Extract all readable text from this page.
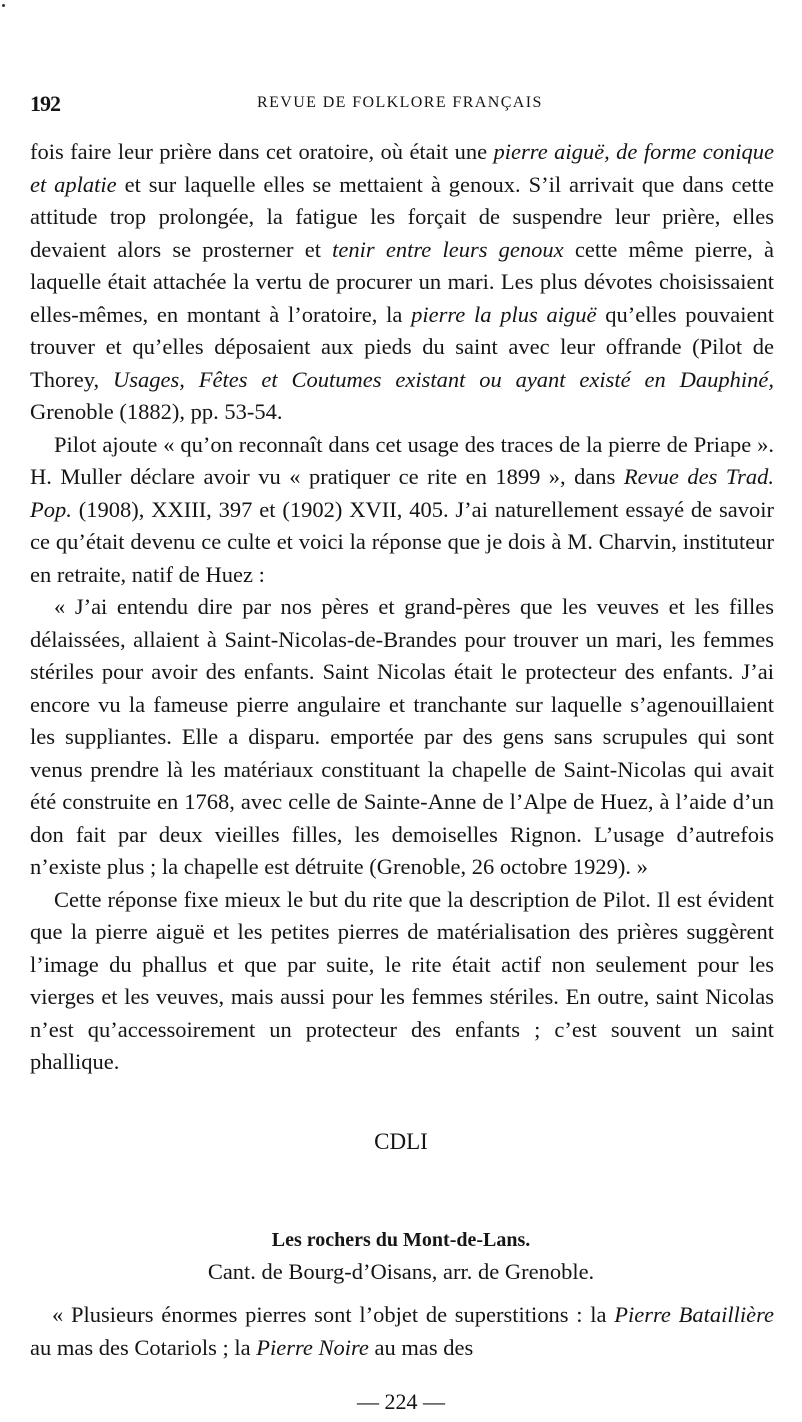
192	REVUE DE FOLKLORE FRANÇAIS

fois faire leur prière dans cet oratoire, où était une pierre aiguë, de forme conique et aplatie et sur laquelle elles se mettaient à genoux. S’il arrivait que dans cette attitude trop prolongée, la fatigue les forçait de suspendre leur prière, elles devaient alors se prosterner et tenir entre leurs genoux cette même pierre, à laquelle était attachée la vertu de procurer un mari. Les plus dévotes choisissaient elles-mêmes, en montant à l’oratoire, la pierre la plus aiguë qu’elles pouvaient trouver et qu’elles déposaient aux pieds du saint avec leur offrande (Pilot de Thorey, Usages, Fêtes et Coutumes existant ou ayant existé en Dauphiné, Grenoble (1882), pp. 53-54.

Pilot ajoute « qu’on reconnaît dans cet usage des traces de la pierre de Priape ». H. Muller déclare avoir vu « pratiquer ce rite en 1899 », dans Revue des Trad. Pop. (1908), XXIII, 397 et (1902) XVII, 405. J’ai naturellement essayé de savoir ce qu’était devenu ce culte et voici la réponse que je dois à M. Charvin, instituteur en retraite, natif de Huez :

« J’ai entendu dire par nos pères et grand-pères que les veuves et les filles délaissées, allaient à Saint-Nicolas-de-Brandes pour trouver un mari, les femmes stériles pour avoir des enfants. Saint Nicolas était le protecteur des enfants. J’ai encore vu la fameuse pierre angulaire et tranchante sur laquelle s’agenouillaient les suppliantes. Elle a disparu. emportée par des gens sans scrupules qui sont venus prendre là les matériaux constituant la chapelle de Saint-Nicolas qui avait été construite en 1768, avec celle de Sainte-Anne de l’Alpe de Huez, à l’aide d’un don fait par deux vieilles filles, les demoiselles Rignon. L’usage d’autrefois n’existe plus ; la chapelle est détruite (Grenoble, 26 octobre 1929). »

Cette réponse fixe mieux le but du rite que la description de Pilot. Il est évident que la pierre aiguë et les petites pierres de matérialisation des prières suggèrent l’image du phallus et que par suite, le rite était actif non seulement pour les vierges et les veuves, mais aussi pour les femmes stériles. En outre, saint Nicolas n’est qu’accessoirement un protecteur des enfants ; c’est souvent un saint phallique.

CDLI
Les rochers du Mont-de-Lans.
Cant. de Bourg-d’Oisans, arr. de Grenoble.

« Plusieurs énormes pierres sont l’objet de superstitions : la Pierre Bataillière au mas des Cotariols ; la Pierre Noire au mas des

— 224 —
